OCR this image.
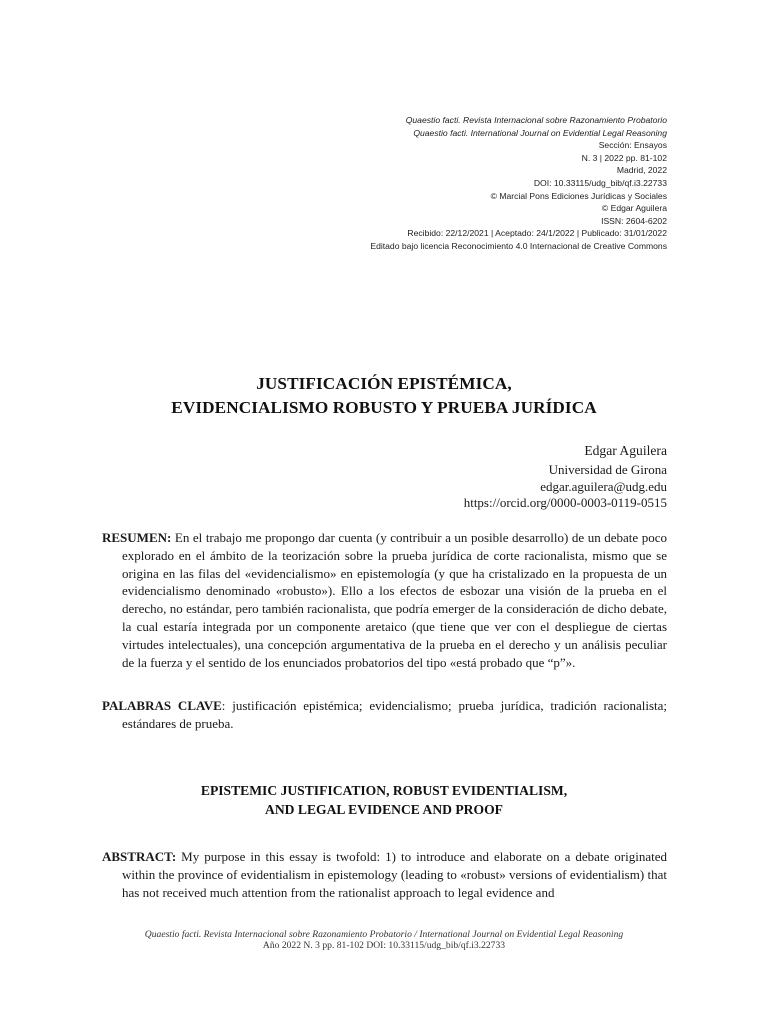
Quaestio facti. Revista Internacional sobre Razonamiento Probatorio
Quaestio facti. International Journal on Evidential Legal Reasoning
Sección: Ensayos
N. 3 | 2022 pp. 81-102
Madrid, 2022
DOI: 10.33115/udg_bib/qf.i3.22733
© Marcial Pons Ediciones Jurídicas y Sociales
© Edgar Aguilera
ISSN: 2604-6202
Recibido: 22/12/2021 | Aceptado: 24/1/2022 | Publicado: 31/01/2022
Editado bajo licencia Reconocimiento 4.0 Internacional de Creative Commons
JUSTIFICACIÓN EPISTÉMICA,
EVIDENCIALISMO ROBUSTO Y PRUEBA JURÍDICA
Edgar Aguilera
Universidad de Girona
edgar.aguilera@udg.edu
https://orcid.org/0000-0003-0119-0515
RESUMEN: En el trabajo me propongo dar cuenta (y contribuir a un posible desarrollo) de un debate poco explorado en el ámbito de la teorización sobre la prueba jurídica de corte racionalista, mismo que se origina en las filas del «evidencialismo» en epistemología (y que ha cristalizado en la propuesta de un evidencialismo denominado «robusto»). Ello a los efectos de esbozar una visión de la prueba en el derecho, no estándar, pero también racionalista, que podría emerger de la consideración de dicho debate, la cual estaría integrada por un componente aretaico (que tiene que ver con el despliegue de ciertas virtudes intelectuales), una concepción argumentativa de la prueba en el derecho y un análisis peculiar de la fuerza y el sentido de los enunciados probatorios del tipo «está probado que “p”».
PALABRAS CLAVE: justificación epistémica; evidencialismo; prueba jurídica, tradición racionalista; estándares de prueba.
EPISTEMIC JUSTIFICATION, ROBUST EVIDENTIALISM,
AND LEGAL EVIDENCE AND PROOF
ABSTRACT: My purpose in this essay is twofold: 1) to introduce and elaborate on a debate originated within the province of evidentialism in epistemology (leading to «robust» versions of evidentialism) that has not received much attention from the rationalist approach to legal evidence and
Quaestio facti. Revista Internacional sobre Razonamiento Probatorio / International Journal on Evidential Legal Reasoning
Año 2022 N. 3 pp. 81-102 DOI: 10.33115/udg_bib/qf.i3.22733
